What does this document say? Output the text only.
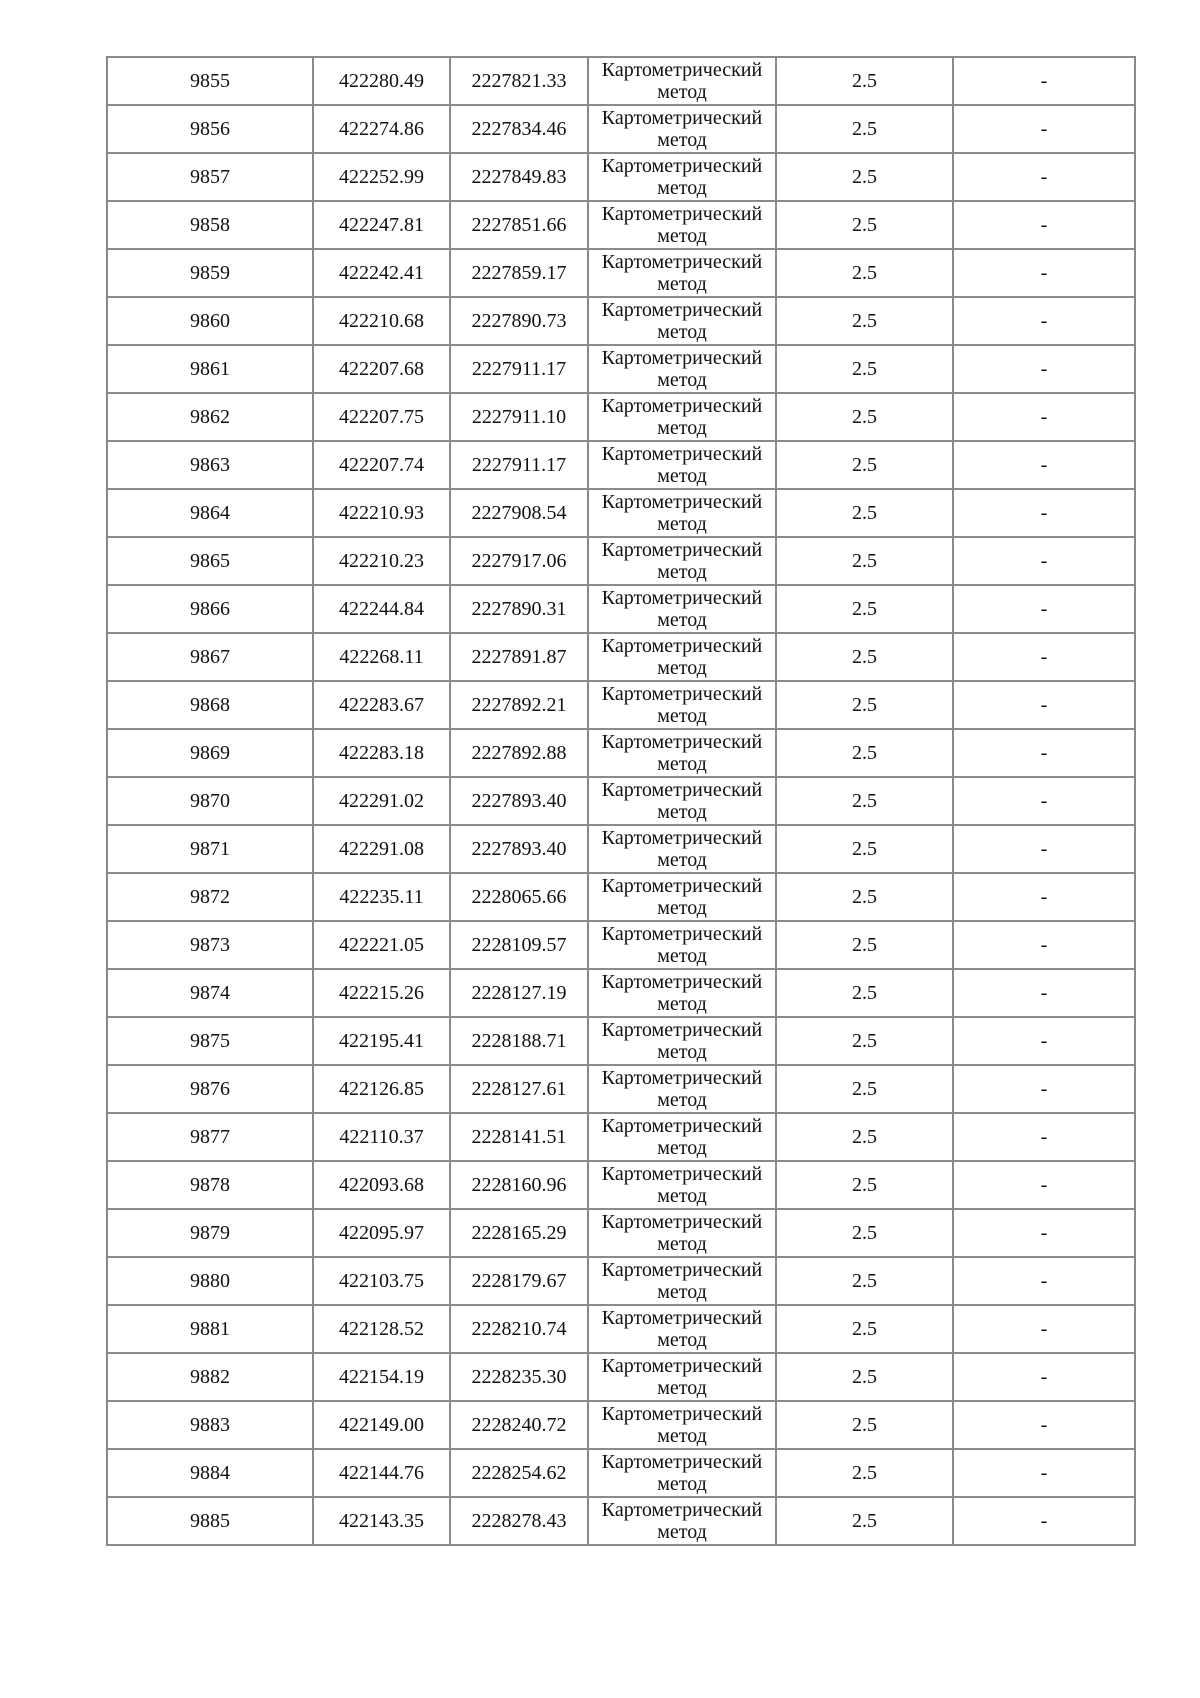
9855	422280.49	2227821.33	Картометрический метод	2.5	-
9856	422274.86	2227834.46	Картометрический метод	2.5	-
9857	422252.99	2227849.83	Картометрический метод	2.5	-
9858	422247.81	2227851.66	Картометрический метод	2.5	-
9859	422242.41	2227859.17	Картометрический метод	2.5	-
9860	422210.68	2227890.73	Картометрический метод	2.5	-
9861	422207.68	2227911.17	Картометрический метод	2.5	-
9862	422207.75	2227911.10	Картометрический метод	2.5	-
9863	422207.74	2227911.17	Картометрический метод	2.5	-
9864	422210.93	2227908.54	Картометрический метод	2.5	-
9865	422210.23	2227917.06	Картометрический метод	2.5	-
9866	422244.84	2227890.31	Картометрический метод	2.5	-
9867	422268.11	2227891.87	Картометрический метод	2.5	-
9868	422283.67	2227892.21	Картометрический метод	2.5	-
9869	422283.18	2227892.88	Картометрический метод	2.5	-
9870	422291.02	2227893.40	Картометрический метод	2.5	-
9871	422291.08	2227893.40	Картометрический метод	2.5	-
9872	422235.11	2228065.66	Картометрический метод	2.5	-
9873	422221.05	2228109.57	Картометрический метод	2.5	-
9874	422215.26	2228127.19	Картометрический метод	2.5	-
9875	422195.41	2228188.71	Картометрический метод	2.5	-
9876	422126.85	2228127.61	Картометрический метод	2.5	-
9877	422110.37	2228141.51	Картометрический метод	2.5	-
9878	422093.68	2228160.96	Картометрический метод	2.5	-
9879	422095.97	2228165.29	Картометрический метод	2.5	-
9880	422103.75	2228179.67	Картометрический метод	2.5	-
9881	422128.52	2228210.74	Картометрический метод	2.5	-
9882	422154.19	2228235.30	Картометрический метод	2.5	-
9883	422149.00	2228240.72	Картометрический метод	2.5	-
9884	422144.76	2228254.62	Картометрический метод	2.5	-
9885	422143.35	2228278.43	Картометрический метод	2.5	-
